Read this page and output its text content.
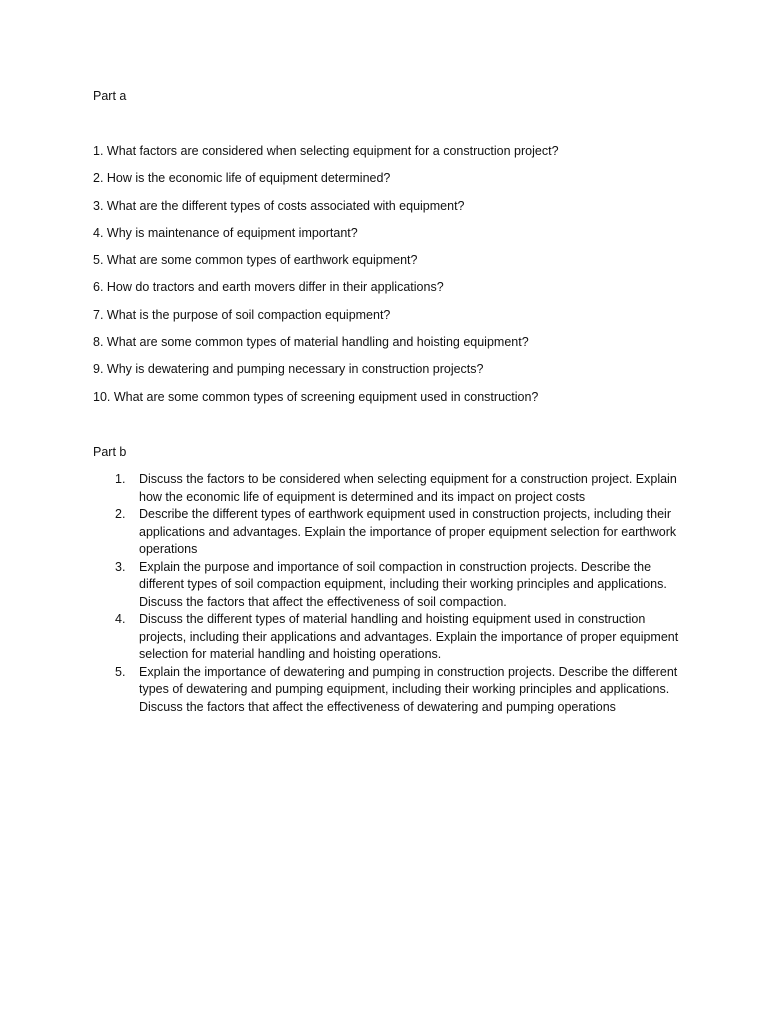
Part a
1. What factors are considered when selecting equipment for a construction project?
2. How is the economic life of equipment determined?
3. What are the different types of costs associated with equipment?
4. Why is maintenance of equipment important?
5. What are some common types of earthwork equipment?
6. How do tractors and earth movers differ in their applications?
7. What is the purpose of soil compaction equipment?
8. What are some common types of material handling and hoisting equipment?
9. Why is dewatering and pumping necessary in construction projects?
10. What are some common types of screening equipment used in construction?
Part b
1. Discuss the factors to be considered when selecting equipment for a construction project. Explain how the economic life of equipment is determined and its impact on project costs
2. Describe the different types of earthwork equipment used in construction projects, including their applications and advantages. Explain the importance of proper equipment selection for earthwork operations
3. Explain the purpose and importance of soil compaction in construction projects. Describe the different types of soil compaction equipment, including their working principles and applications. Discuss the factors that affect the effectiveness of soil compaction.
4. Discuss the different types of material handling and hoisting equipment used in construction projects, including their applications and advantages. Explain the importance of proper equipment selection for material handling and hoisting operations.
5. Explain the importance of dewatering and pumping in construction projects. Describe the different types of dewatering and pumping equipment, including their working principles and applications. Discuss the factors that affect the effectiveness of dewatering and pumping operations
